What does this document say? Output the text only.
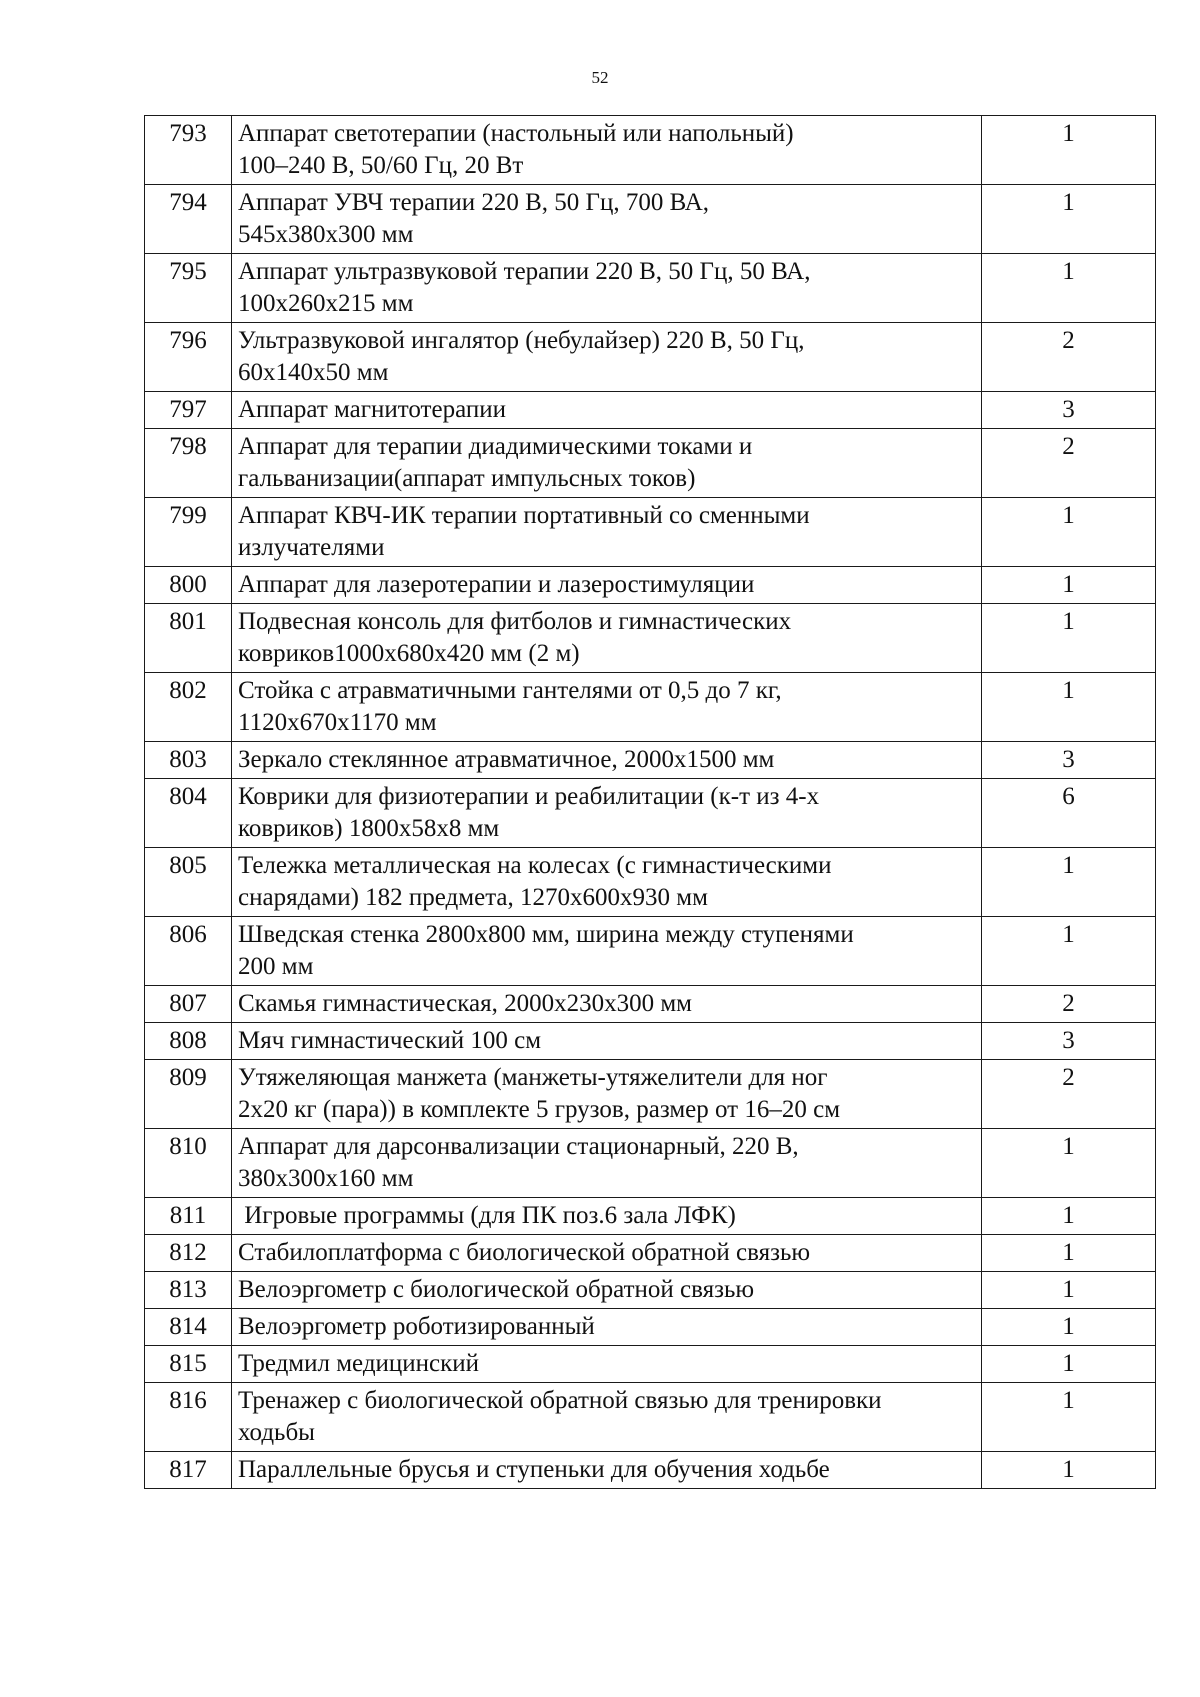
52
793	Аппарат светотерапии (настольный или напольный)
100–240 В, 50/60 Гц, 20 Вт	1
794	Аппарат УВЧ терапии 220 В, 50 Гц, 700 ВА,
545х380х300 мм	1
795	Аппарат ультразвуковой терапии 220 В, 50 Гц, 50 ВА,
100х260х215 мм	1
796	Ультразвуковой ингалятор (небулайзер) 220 В, 50 Гц,
60х140х50 мм	2
797	Аппарат магнитотерапии	3
798	Аппарат для терапии диадимическими токами и
гальванизации(аппарат импульсных токов)	2
799	Аппарат КВЧ-ИК терапии портативный со сменными
излучателями	1
800	Аппарат для лазеротерапии и лазеростимуляции	1
801	Подвесная консоль для фитболов и гимнастических
ковриков1000х680х420 мм (2 м)	1
802	Стойка с атравматичными гантелями от 0,5 до 7 кг,
1120х670х1170 мм	1
803	Зеркало стеклянное атравматичное, 2000х1500 мм	3
804	Коврики для физиотерапии и реабилитации (к-т из 4-х
ковриков) 1800х58х8 мм	6
805	Тележка металлическая на колесах (с гимнастическими
снарядами) 182 предмета, 1270х600х930 мм	1
806	Шведская стенка 2800х800 мм, ширина между ступенями
200 мм	1
807	Скамья гимнастическая, 2000х230х300 мм	2
808	Мяч гимнастический 100 см	3
809	Утяжеляющая манжета (манжеты-утяжелители для ног
2х20 кг (пара)) в комплекте 5 грузов, размер от 16–20 см	2
810	Аппарат для дарсонвализации стационарный, 220 В,
380х300х160 мм	1
811	Игровые программы (для ПК поз.6 зала ЛФК)	1
812	Стабилоплатформа с биологической обратной связью	1
813	Велоэргометр с биологической обратной связью	1
814	Велоэргометр роботизированный	1
815	Тредмил медицинский	1
816	Тренажер с биологической обратной связью для тренировки
ходьбы	1
817	Параллельные брусья и ступеньки для обучения ходьбе	1
